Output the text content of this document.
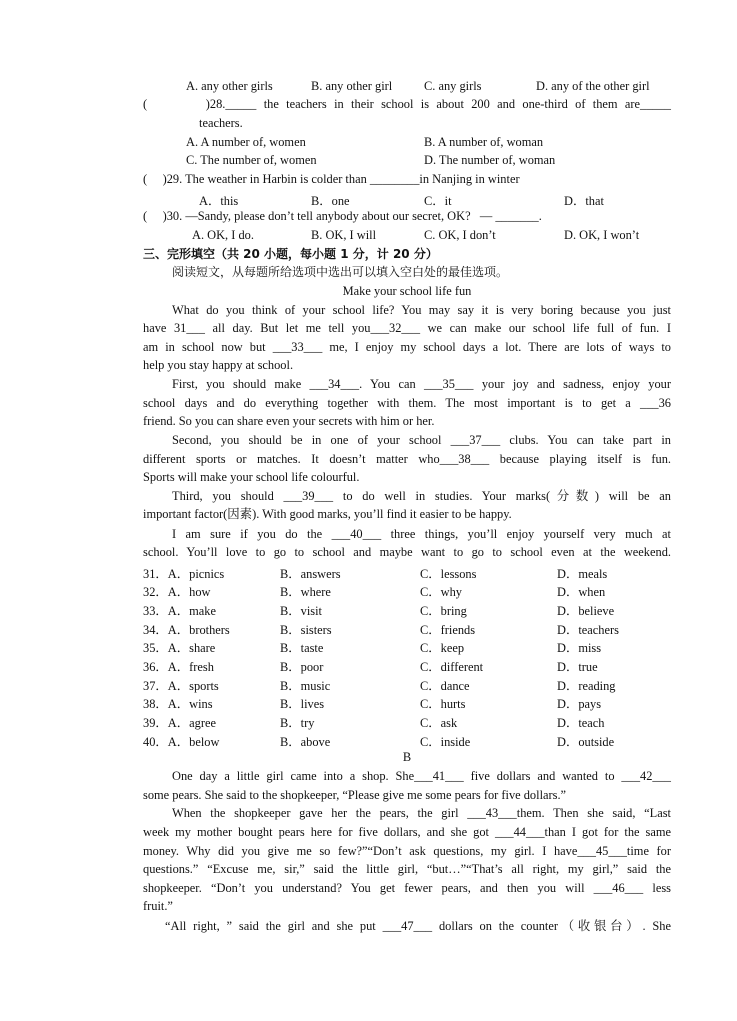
A. any other girls	B. any other girl	C. any girls	D. any of the other girl
(        )28._____ the teachers in their school is about 200 and one-third of them are_____
teachers.
A. A number of, women	B. A number of, woman
C. The number of, women	D. The number of, woman
(     )29. The weather in Harbin is colder than ________in Nanjing in winter
A．this	B．one	C．it	D．that
(     )30. —Sandy, please don’t tell anybody about our secret, OK?   — _______.
A. OK, I do.	B. OK, I will	C. OK, I don’t	D. OK, I won’t
三、完形填空（共 20 小题，每小题 1 分，计 20 分）
阅读短文，从每题所给选项中选出可以填入空白处的最佳选项。
Make your school life fun
What do you think of your school life? You may say it is very boring because you just
have 31___ all day. But let me tell you___32___ we can make our school life full of fun. I
am in school now but ___33___ me, I enjoy my school days a lot. There are lots of ways to
help you stay happy at school.
First, you should make ___34___. You can ___35___ your joy and sadness, enjoy your
school days and do everything together with them. The most important is to get a ___36
friend. So you can share even your secrets with him or her.
Second, you should be in one of your school ___37___ clubs. You can take part in
different sports or matches. It doesn’t matter who___38___ because playing itself is fun.
Sports will make your school life colourful.
Third, you should ___39___ to do well in studies. Your marks(分数) will be an
important factor(因素). With good marks, you’ll find it easier to be happy.
I am sure if you do the ___40___ three things, you’ll enjoy yourself very much at
school. You’ll love to go to school and maybe want to go to school even at the weekend.
31．A．picnics	B．answers	C．lessons	D．meals
32．A．how	B．where	C．why	D．when
33．A．make	B．visit	C．bring	D．believe
34．A．brothers	B．sisters	C．friends	D．teachers
35．A．share	B．taste	C．keep	D．miss
36．A．fresh	B．poor	C．different	D．true
37．A．sports	B．music	C．dance	D．reading
38．A．wins	B．lives	C．hurts	D．pays
39．A．agree	B．try	C．ask	D．teach
40．A．below	B．above	C．inside	D．outside
B
One day a little girl came into a shop. She___41___ five dollars and wanted to ___42___
some pears. She said to the shopkeeper, “Please give me some pears for five dollars.”
When the shopkeeper gave her the pears, the girl ___43___them. Then she said, “Last
week my mother bought pears here for five dollars, and she got ___44___than I got for the same
money. Why did you give me so few?”“Don’t ask questions, my girl. I have___45___time for
questions.” “Excuse me, sir,” said the little girl, “but…”“That’s all right, my girl,” said the
shopkeeper. “Don’t you understand? You get fewer pears, and then you will ___46___ less
fruit.”
“All right, ” said the girl and she put ___47___ dollars on the counter（收银台）. She
